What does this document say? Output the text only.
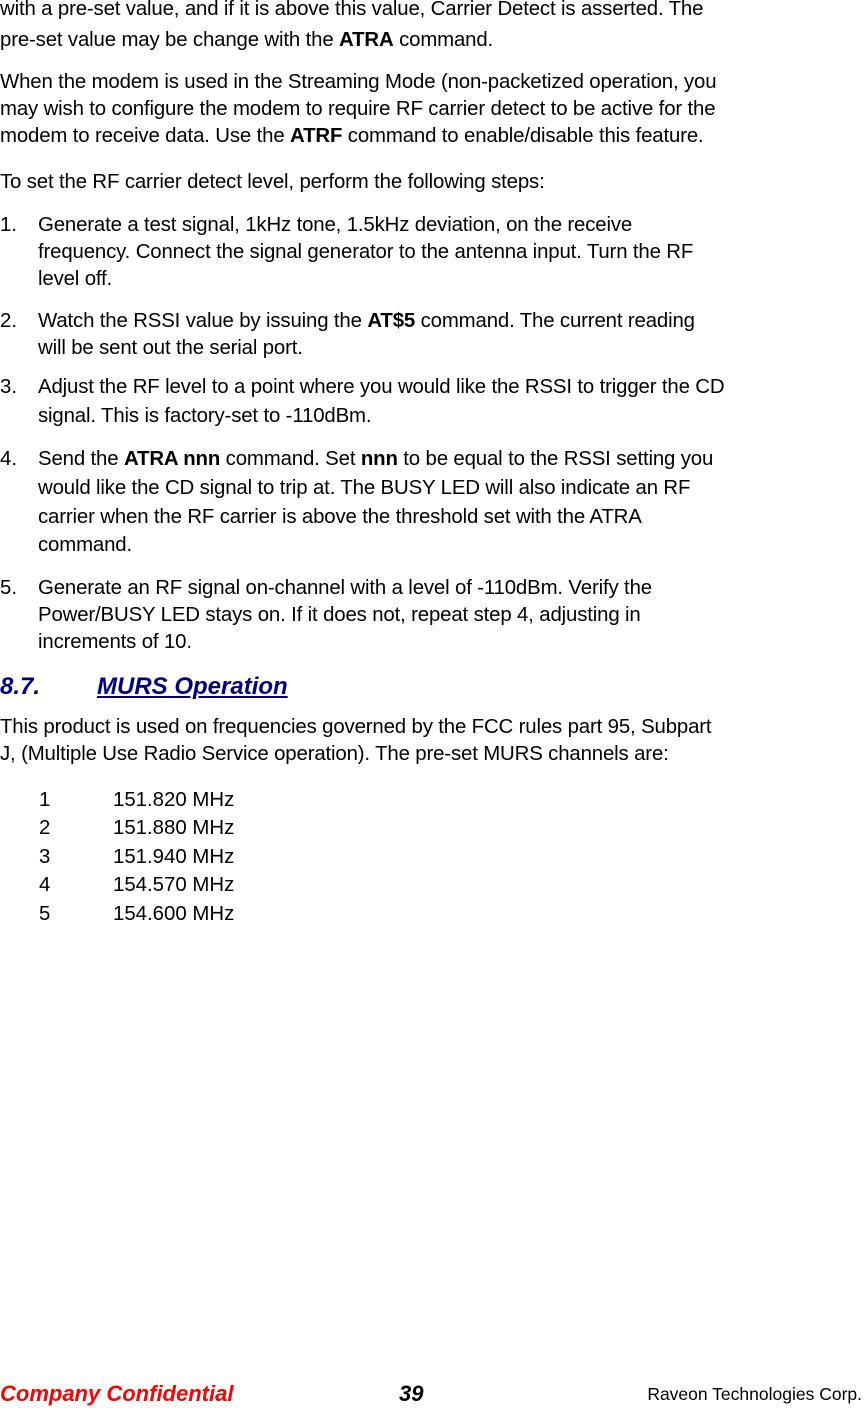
with a pre-set value, and if it is above this value, Carrier Detect is asserted. The
pre-set value may be change with the ATRA command.
When the modem is used in the Streaming Mode (non-packetized operation, you
may wish to configure the modem to require RF carrier detect to be active for the
modem to receive data. Use the ATRF command to enable/disable this feature.
To set the RF carrier detect level, perform the following steps:
1. Generate a test signal, 1kHz tone, 1.5kHz deviation, on the receive
frequency. Connect the signal generator to the antenna input. Turn the RF
level off.
2. Watch the RSSI value by issuing the AT$5 command. The current reading
will be sent out the serial port.
3. Adjust the RF level to a point where you would like the RSSI to trigger the CD
signal. This is factory-set to -110dBm.
4. Send the ATRA nnn command. Set nnn to be equal to the RSSI setting you
would like the CD signal to trip at. The BUSY LED will also indicate an RF
carrier when the RF carrier is above the threshold set with the ATRA
command.
5. Generate an RF signal on-channel with a level of -110dBm. Verify the
Power/BUSY LED stays on. If it does not, repeat step 4, adjusting in
increments of 10.
8.7. MURS Operation
This product is used on frequencies governed by the FCC rules part 95, Subpart
J, (Multiple Use Radio Service operation). The pre-set MURS channels are:
1	151.820 MHz
2	151.880 MHz
3	151.940 MHz
4	154.570 MHz
5	154.600 MHz
Company Confidential	39	Raveon Technologies Corp.
